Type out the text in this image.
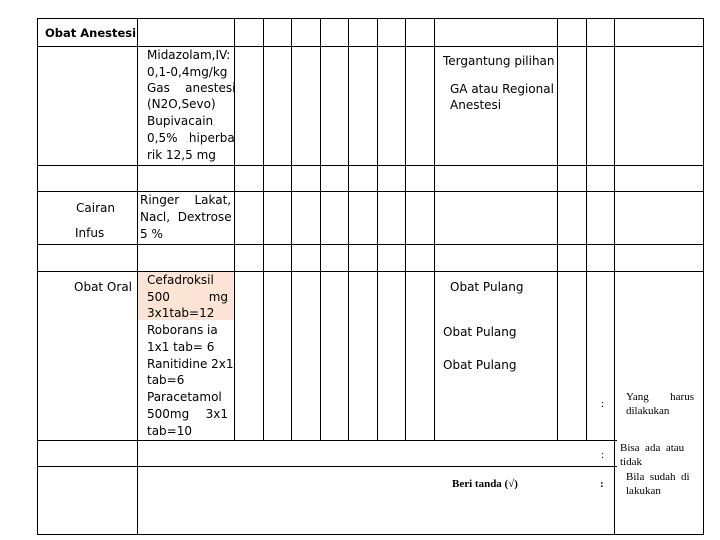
Obat Anestesi
Midazolam,IV:
0,1-0,4mg/kg
Gas    anestesi
(N2O,Sevo)
Bupivacain
0,5%   hiperba
rik 12,5 mg
Tergantung pilihan
GA atau Regional
Anestesi
Cairan
Infus
Ringer    Lakat,
Nacl,  Dextrose
5 %
Obat Oral Cefadroksil
500	mg
3x1tab=12
Roborans ia
1x1 tab= 6
Ranitidine 2x1
tab=6
Paracetamol
500mg 3x1
tab=10
Obat Pulang
Obat Pulang
Obat Pulang
:
Yang harus
dilakukan
:
Bisa  ada  atau
tidak
Beri tanda (√)	:
Bila  sudah  di
lakukan
